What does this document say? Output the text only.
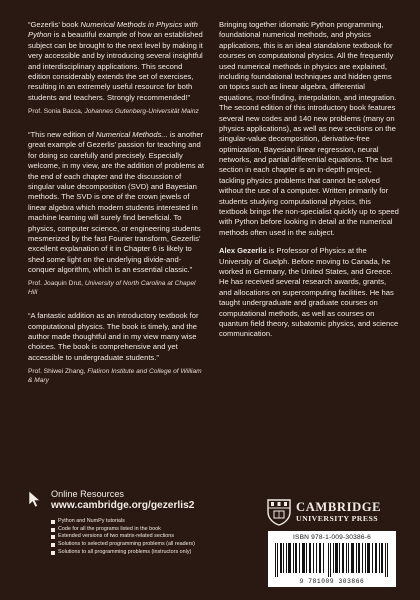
“Gezerlis’ book Numerical Methods in Physics with Python is a beautiful example of how an established subject can be brought to the next level by making it very accessible and by introducing several insightful and interdisciplinary applications. This second edition considerably extends the set of exercises, resulting in an extremely useful resource for both students and teachers. Strongly recommended!”

Prof. Sonia Bacca, Johannes Gutenberg-Universität Mainz

“This new edition of Numerical Methods... is another great example of Gezerlis’ passion for teaching and for doing so carefully and precisely. Especially welcome, in my view, are the addition of problems at the end of each chapter and the discussion of singular value decomposition (SVD) and Bayesian methods. The SVD is one of the crown jewels of linear algebra which modern students interested in machine learning will surely find beneficial. To physics, computer science, or engineering students mesmerized by the fast Fourier transform, Gezerlis’ excellent explanation of it in Chapter 6 is likely to shed some light on the underlying divide-and-conquer algorithm, which is an essential classic.”

Prof. Joaquin Drut, University of North Carolina at Chapel Hill

“A fantastic addition as an introductory textbook for computational physics. The book is timely, and the author made thoughtful and in my view many wise choices. The book is comprehensive and yet accessible to undergraduate students.”

Prof. Shiwei Zhang, Flatiron Institute and College of William & Mary

Bringing together idiomatic Python programming, foundational numerical methods, and physics applications, this is an ideal standalone textbook for courses on computational physics. All the frequently used numerical methods in physics are explained, including foundational techniques and hidden gems on topics such as linear algebra, differential equations, root-finding, interpolation, and integration. The second edition of this introductory book features several new codes and 140 new problems (many on physics applications), as well as new sections on the singular-value decomposition, derivative-free optimization, Bayesian linear regression, neural networks, and partial differential equations. The last section in each chapter is an in-depth project, tackling physics problems that cannot be solved without the use of a computer. Written primarily for students studying computational physics, this textbook brings the non-specialist quickly up to speed with Python before looking in detail at the numerical methods often used in the subject.

Alex Gezerlis is Professor of Physics at the University of Guelph. Before moving to Canada, he worked in Germany, the United States, and Greece. He has received several research awards, grants, and allocations on supercomputing facilities. He has taught undergraduate and graduate courses on computational methods, as well as courses on quantum field theory, subatomic physics, and science communication.

Online Resources
www.cambridge.org/gezerlis2
Python and NumPy tutorials
Code for all the programs listed in the book
Extended versions of two matrix-related sections
Solutions to selected programming problems (all readers)
Solutions to all programming problems (instructors only)
CAMBRIDGE
UNIVERSITY PRESS
ISBN 978-1-009-30386-6
9 781009 303866
